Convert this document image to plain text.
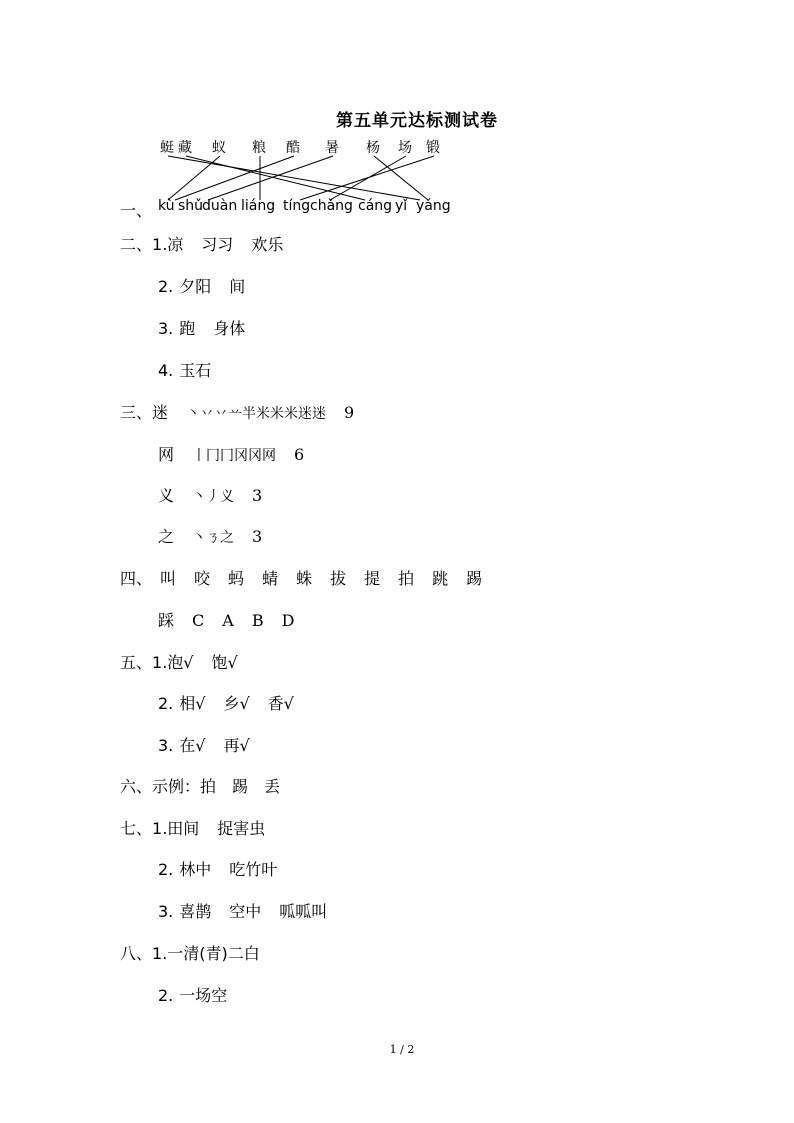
第五单元达标测试卷
一、
蜓 藏 蚁 粮 酷 暑 杨 场 锻
kù shǔ
duàn liáng tíng chǎng cáng yǐ yáng
二、1.凉 习习 欢乐
2. 夕阳 间
3. 跑 身体
4. 玉石
三、迷 丶丷丷䒑半米米米迷迷 9
网 丨冂冂冈冈网 6
义 丶丿义 3
之 丶ㄋ之 3
四、 叫 咬 蚂 蜻 蛛 拔 提 拍 跳 踢
踩 C A B D
五、1.泡√ 饱√
2. 相√ 乡√ 香√
3. 在√ 再√
六、示例：拍　踢　丢
七、1.田间 捉害虫
2. 林中 吃竹叶
3. 喜鹊 空中 呱呱叫
八、1.一清(青)二白
2. 一场空
1 / 2
